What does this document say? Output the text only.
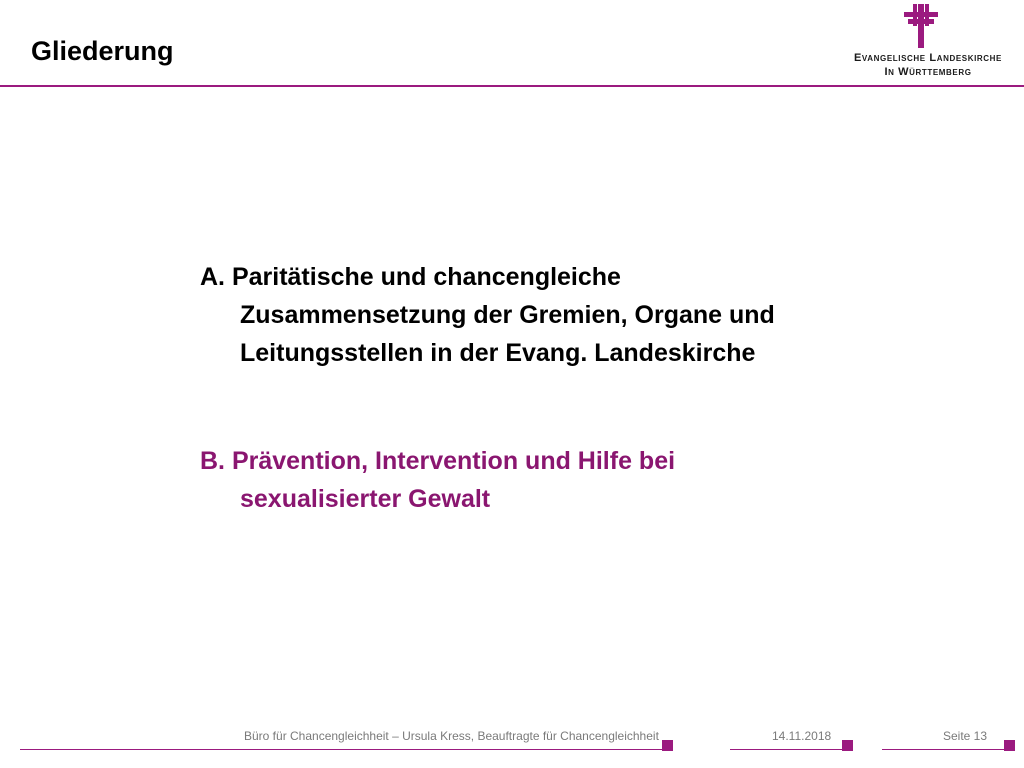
Gliederung	Evangelische Landeskirche
In Württemberg
A. Paritätische und chancengleiche Zusammensetzung der Gremien, Organe und Leitungsstellen in der Evang. Landeskirche
B. Prävention, Intervention und Hilfe bei sexualisierter Gewalt
Büro für Chancengleichheit – Ursula Kress, Beauftragte für Chancengleichheit	14.11.2018	Seite 13
